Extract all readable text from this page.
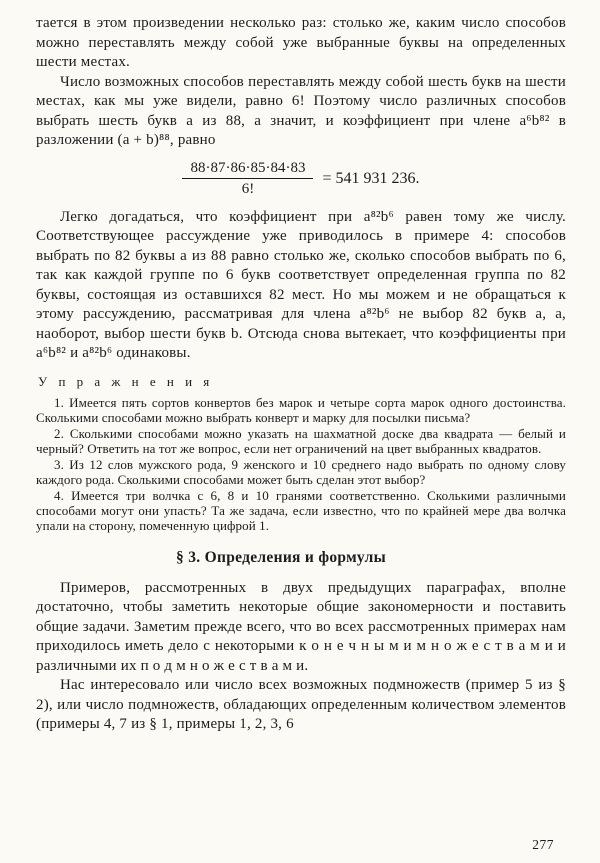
тается в этом произведении несколько раз: столько же, каким число способов можно переставлять между собой уже выбранные буквы на определенных шести местах.

Число возможных способов переставлять между собой шесть букв на шести местах, как мы уже видели, равно 6! Поэтому число различных способов выбрать шесть букв a из 88, а значит, и коэффициент при члене a⁶b⁸² в разложении (a + b)⁸⁸, равно

$\frac{88\cdot 87\cdot 86\cdot 85\cdot 84\cdot 83}{6!} = 541$ 931 236.

Легко догадаться, что коэффициент при a⁸²b⁶ равен тому же числу. Соответствующее рассуждение уже приводилось в примере 4: способов выбрать по 82 буквы a из 88 равно столько же, сколько способов выбрать по 6, так как каждой группе по 6 букв соответствует определенная группа по 82 буквы, состоящая из оставшихся 82 мест. Но мы можем и не обращаться к этому рассуждению, рассматривая для члена a⁸²b⁶ не выбор 82 букв a, а, наоборот, выбор шести букв b. Отсюда снова вытекает, что коэффициенты при a⁶b⁸² и a⁸²b⁶ одинаковы.

У п р а ж н е н и я

1. Имеется пять сортов конвертов без марок и четыре сорта марок одного достоинства. Сколькими способами можно выбрать конверт и марку для посылки письма?

2. Сколькими способами можно указать на шахматной доске два квадрата — белый и черный? Ответить на тот же вопрос, если нет ограничений на цвет выбранных квадратов.

3. Из 12 слов мужского рода, 9 женского и 10 среднего надо выбрать по одному слову каждого рода. Сколькими способами может быть сделан этот выбор?

4. Имеется три волчка с 6, 8 и 10 гранями соответственно. Сколькими различными способами могут они упасть? Та же задача, если известно, что по крайней мере два волчка упали на сторону, помеченную цифрой 1.

§ 3. Определения и формулы

Примеров, рассмотренных в двух предыдущих параграфах, вполне достаточно, чтобы заметить некоторые общие закономерности и поставить общие задачи. Заметим прежде всего, что во всех рассмотренных примерах нам приходилось иметь дело с некоторыми к о н е ч н ы м и м н о ж е с т в а м и и различными их п о д м н о ж е с т в а м и.

Нас интересовало или число всех возможных подмножеств (пример 5 из § 2), или число подмножеств, обладающих определенным количеством элементов (примеры 4, 7 из § 1, примеры 1, 2, 3, 6

277
